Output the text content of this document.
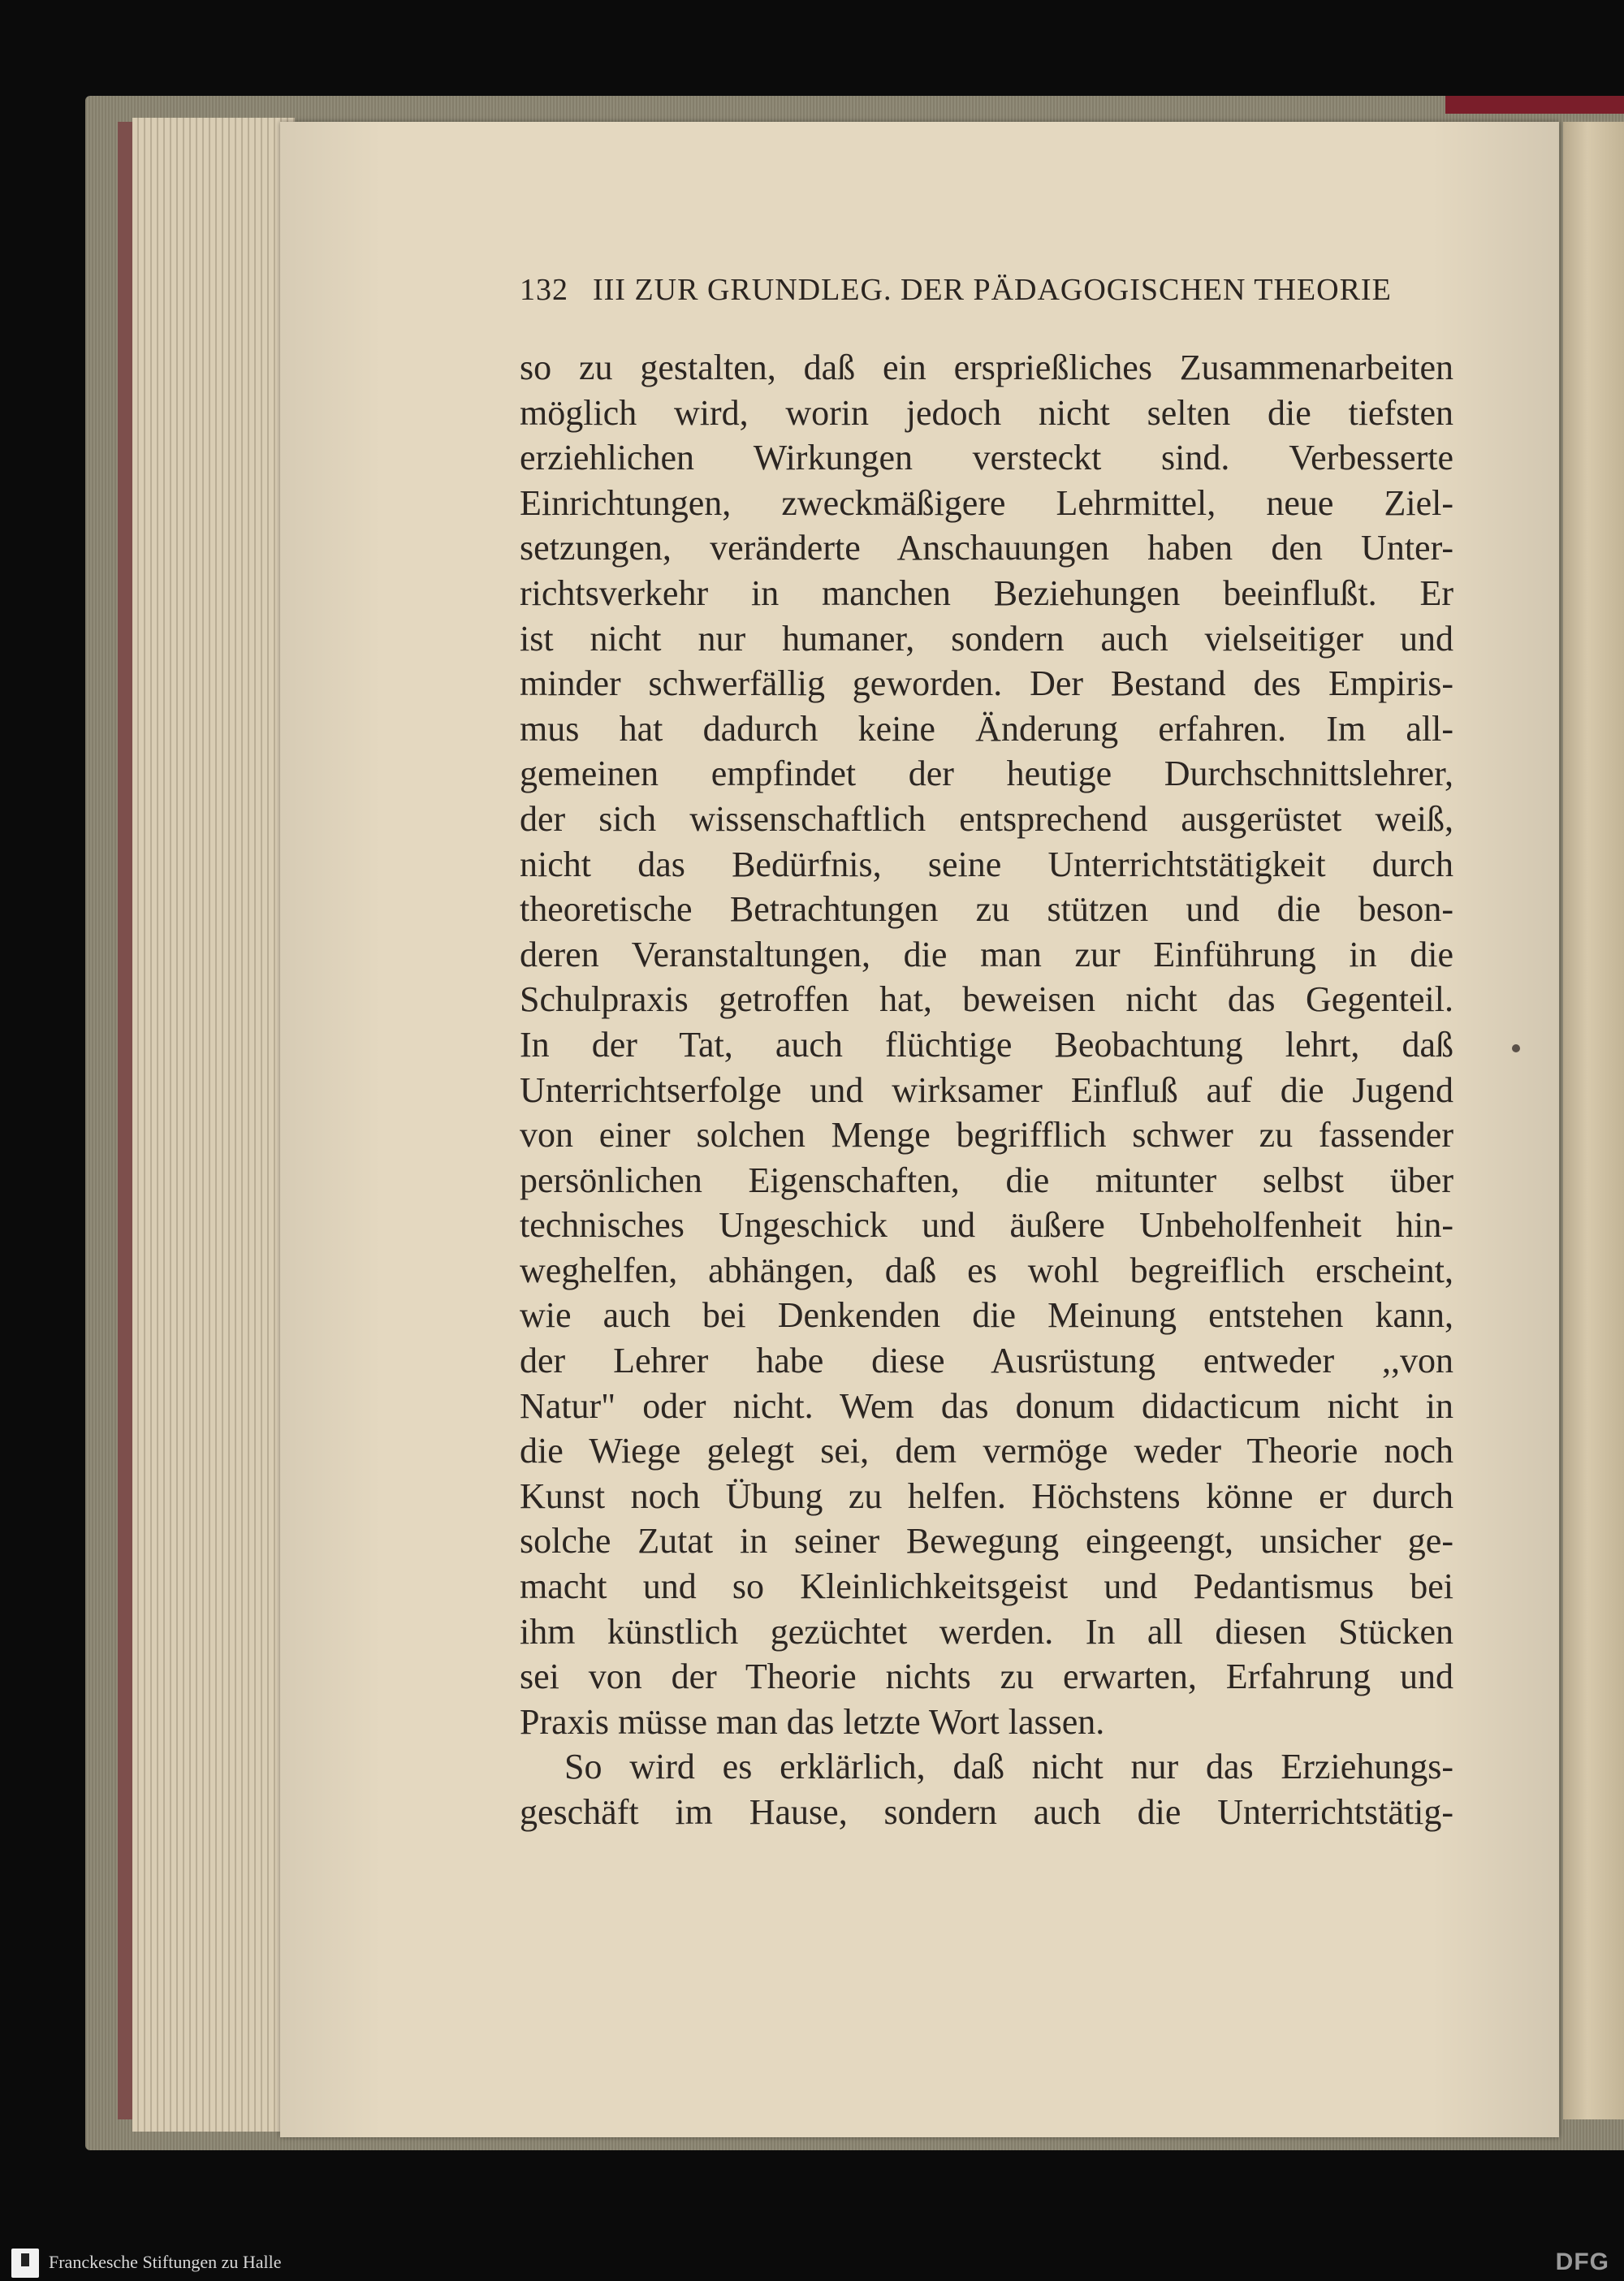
132 III ZUR GRUNDLEG. DER PÄDAGOGISCHEN THEORIE
so zu gestalten, daß ein ersprießliches Zusammenarbeiten
möglich wird, worin jedoch nicht selten die tiefsten
erziehlichen Wirkungen versteckt sind. Verbesserte
Einrichtungen, zweckmäßigere Lehrmittel, neue Ziel-
setzungen, veränderte Anschauungen haben den Unter-
richtsverkehr in manchen Beziehungen beeinflußt. Er
ist nicht nur humaner, sondern auch vielseitiger und
minder schwerfällig geworden. Der Bestand des Empiris-
mus hat dadurch keine Änderung erfahren. Im all-
gemeinen empfindet der heutige Durchschnittslehrer,
der sich wissenschaftlich entsprechend ausgerüstet weiß,
nicht das Bedürfnis, seine Unterrichtstätigkeit durch
theoretische Betrachtungen zu stützen und die beson-
deren Veranstaltungen, die man zur Einführung in die
Schulpraxis getroffen hat, beweisen nicht das Gegenteil.
In der Tat, auch flüchtige Beobachtung lehrt, daß
Unterrichtserfolge und wirksamer Einfluß auf die Jugend
von einer solchen Menge begrifflich schwer zu fassender
persönlichen Eigenschaften, die mitunter selbst über
technisches Ungeschick und äußere Unbeholfenheit hin-
weghelfen, abhängen, daß es wohl begreiflich erscheint,
wie auch bei Denkenden die Meinung entstehen kann,
der Lehrer habe diese Ausrüstung entweder ,,von
Natur" oder nicht. Wem das donum didacticum nicht in
die Wiege gelegt sei, dem vermöge weder Theorie noch
Kunst noch Übung zu helfen. Höchstens könne er durch
solche Zutat in seiner Bewegung eingeengt, unsicher ge-
macht und so Kleinlichkeitsgeist und Pedantismus bei
ihm künstlich gezüchtet werden. In all diesen Stücken
sei von der Theorie nichts zu erwarten, Erfahrung und
Praxis müsse man das letzte Wort lassen.
So wird es erklärlich, daß nicht nur das Erziehungs-
geschäft im Hause, sondern auch die Unterrichtstätig-
Franckesche Stiftungen zu Halle	DFG
